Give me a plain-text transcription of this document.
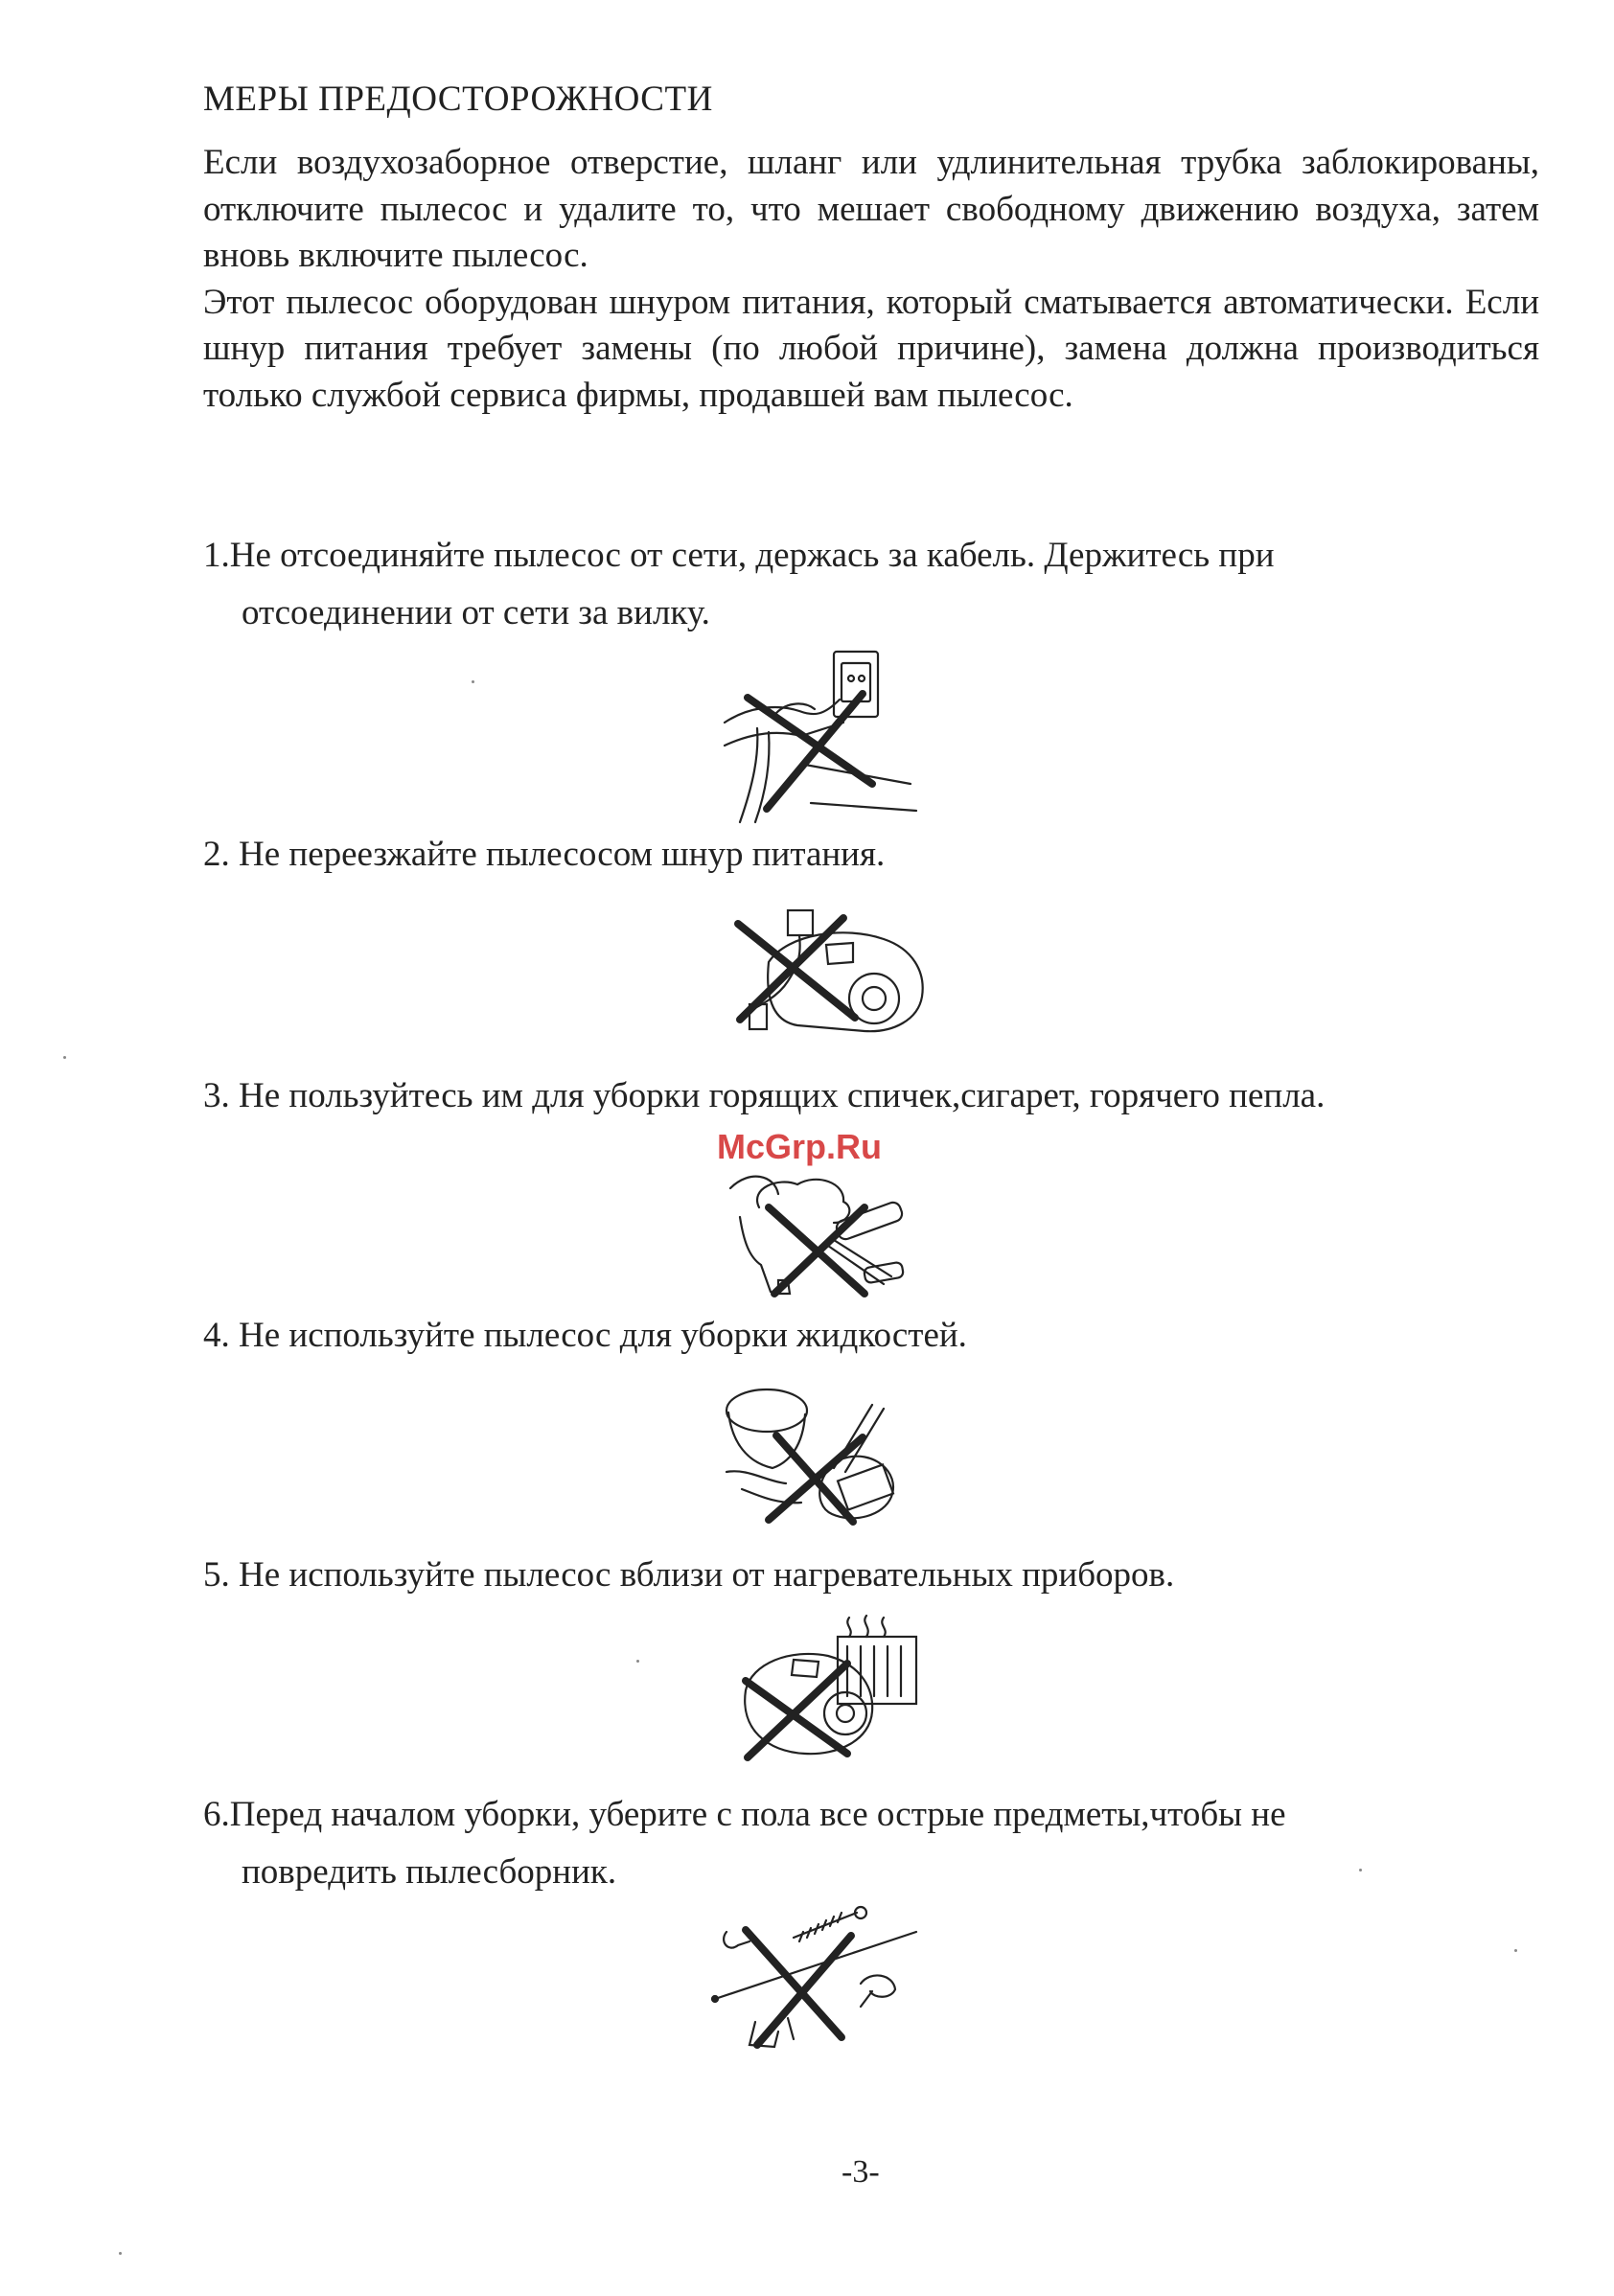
МЕРЫ ПРЕДОСТОРОЖНОСТИ

Если воздухозаборное отверстие, шланг или удлинительная трубка заблокированы, отключите пылесос и удалите то, что мешает свободному движению воздуха, затем вновь включите пылесос.

Этот пылесос оборудован шнуром питания, который сматывается автоматически. Если шнур питания требует замены (по любой причине), замена должна производиться только службой сервиса фирмы, продавшей вам пылесос.

1.Не отсоединяйте пылесос от сети, держась за кабель. Держитесь при
отсоединении от сети за вилку.
2. Не переезжайте пылесосом шнур питания.
3. Не пользуйтесь им для уборки горящих спичек,сигарет, горячего пепла.
McGrp.Ru
4. Не используйте пылесос для уборки жидкостей.
5. Не используйте пылесос вблизи от нагревательных приборов.
6.Перед началом уборки, уберите с пола все острые предметы,чтобы не
повредить пылесборник.
-3-
